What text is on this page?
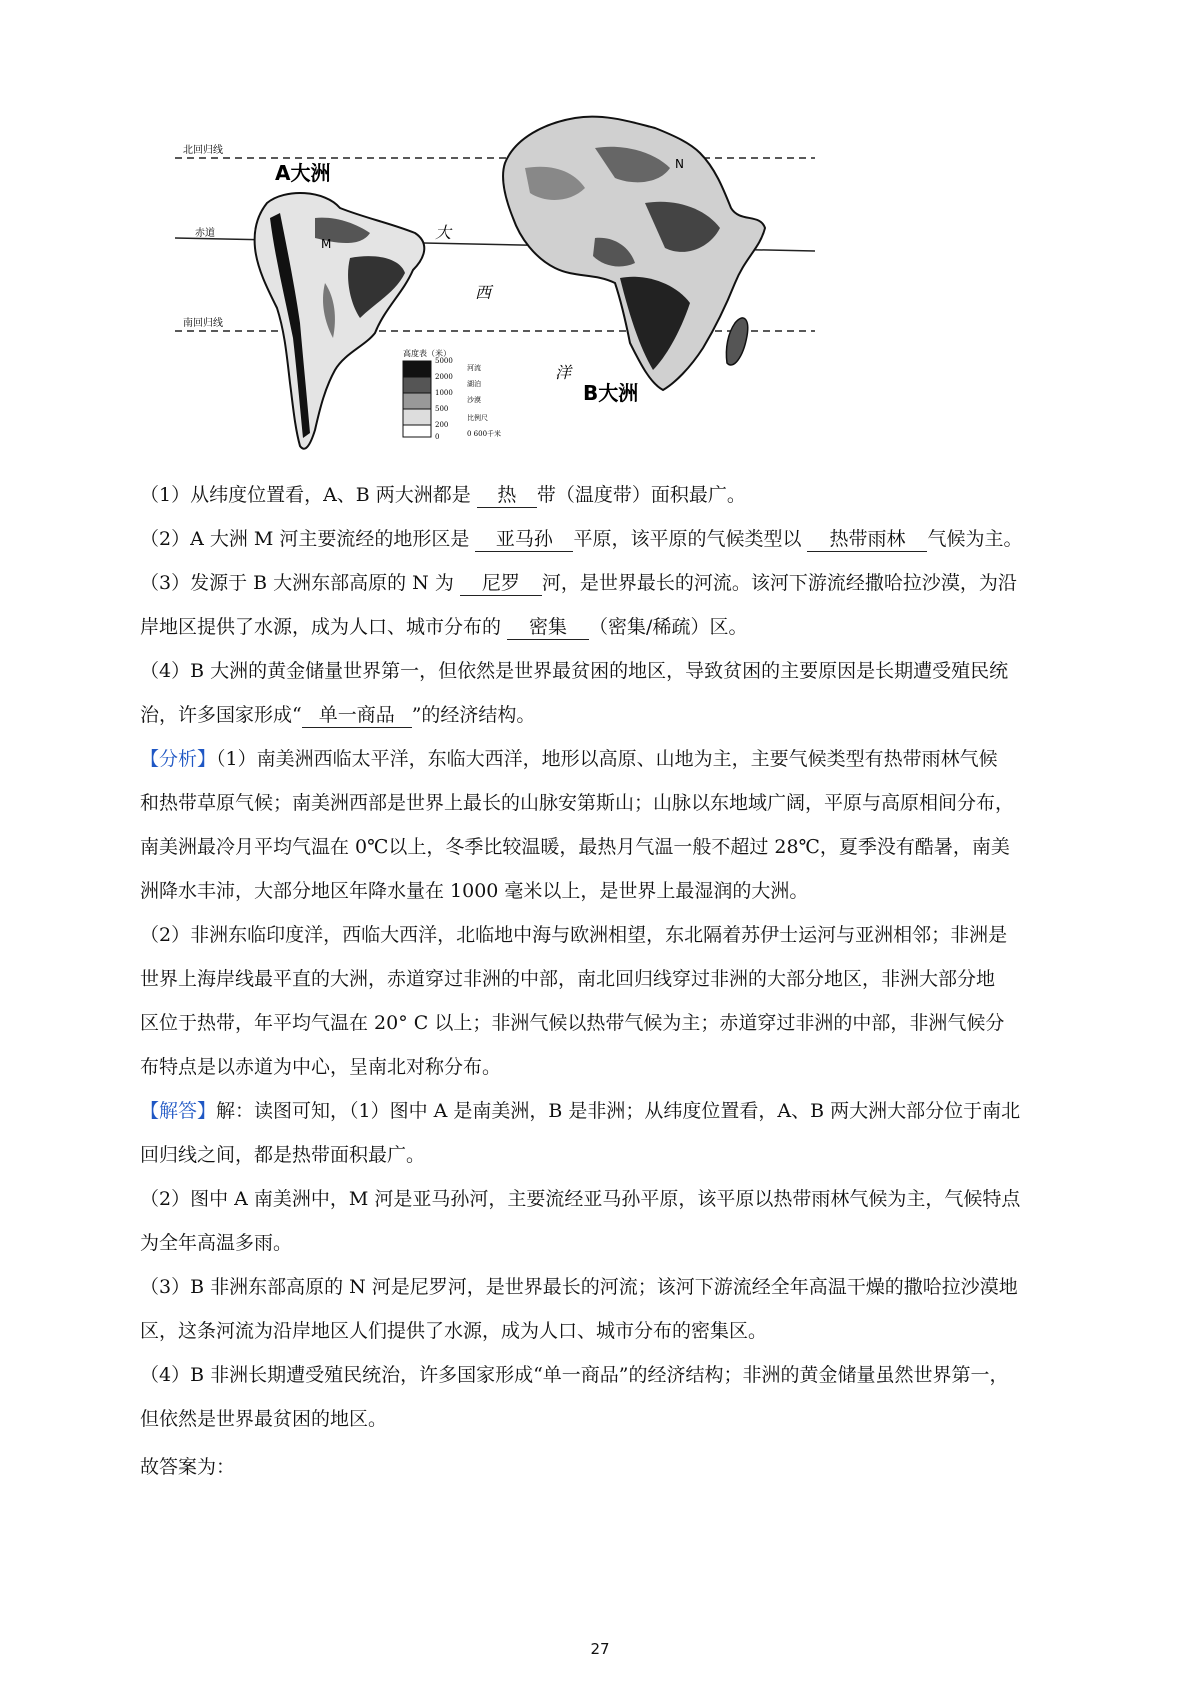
北回归线
赤道
南回归线
M
N
A大洲
B大洲
大
西
洋
高度表（米）
5000
2000
1000
500
200
0
河流
湖泊
沙漠
比例尺
0 600千米
（1）从纬度位置看，A、B 两大洲都是 热 带（温度带）面积最广。
（2）A 大洲 M 河主要流经的地形区是 亚马孙 平原，该平原的气候类型以 热带雨林 气候为主。
（3）发源于 B 大洲东部高原的 N 为 尼罗 河，是世界最长的河流。该河下游流经撒哈拉沙漠，为沿
岸地区提供了水源，成为人口、城市分布的 密集 （密集/稀疏）区。
（4）B 大洲的黄金储量世界第一，但依然是世界最贫困的地区，导致贫困的主要原因是长期遭受殖民统
治，许多国家形成“ 单一商品 ”的经济结构。
【分析】（1）南美洲西临太平洋，东临大西洋，地形以高原、山地为主，主要气候类型有热带雨林气候
和热带草原气候；南美洲西部是世界上最长的山脉安第斯山；山脉以东地域广阔，平原与高原相间分布，
南美洲最冷月平均气温在 0℃以上，冬季比较温暖，最热月气温一般不超过 28℃，夏季没有酷暑，南美
洲降水丰沛，大部分地区年降水量在 1000 毫米以上，是世界上最湿润的大洲。
（2）非洲东临印度洋，西临大西洋，北临地中海与欧洲相望，东北隔着苏伊士运河与亚洲相邻；非洲是
世界上海岸线最平直的大洲，赤道穿过非洲的中部，南北回归线穿过非洲的大部分地区，非洲大部分地
区位于热带，年平均气温在 20° C 以上；非洲气候以热带气候为主；赤道穿过非洲的中部，非洲气候分
布特点是以赤道为中心，呈南北对称分布。
【解答】解：读图可知，（1）图中 A 是南美洲，B 是非洲；从纬度位置看，A、B 两大洲大部分位于南北
回归线之间，都是热带面积最广。
（2）图中 A 南美洲中，M 河是亚马孙河，主要流经亚马孙平原，该平原以热带雨林气候为主，气候特点
为全年高温多雨。
（3）B 非洲东部高原的 N 河是尼罗河，是世界最长的河流；该河下游流经全年高温干燥的撒哈拉沙漠地
区，这条河流为沿岸地区人们提供了水源，成为人口、城市分布的密集区。
（4）B 非洲长期遭受殖民统治，许多国家形成“单一商品”的经济结构；非洲的黄金储量虽然世界第一，
但依然是世界最贫困的地区。
故答案为：
27
